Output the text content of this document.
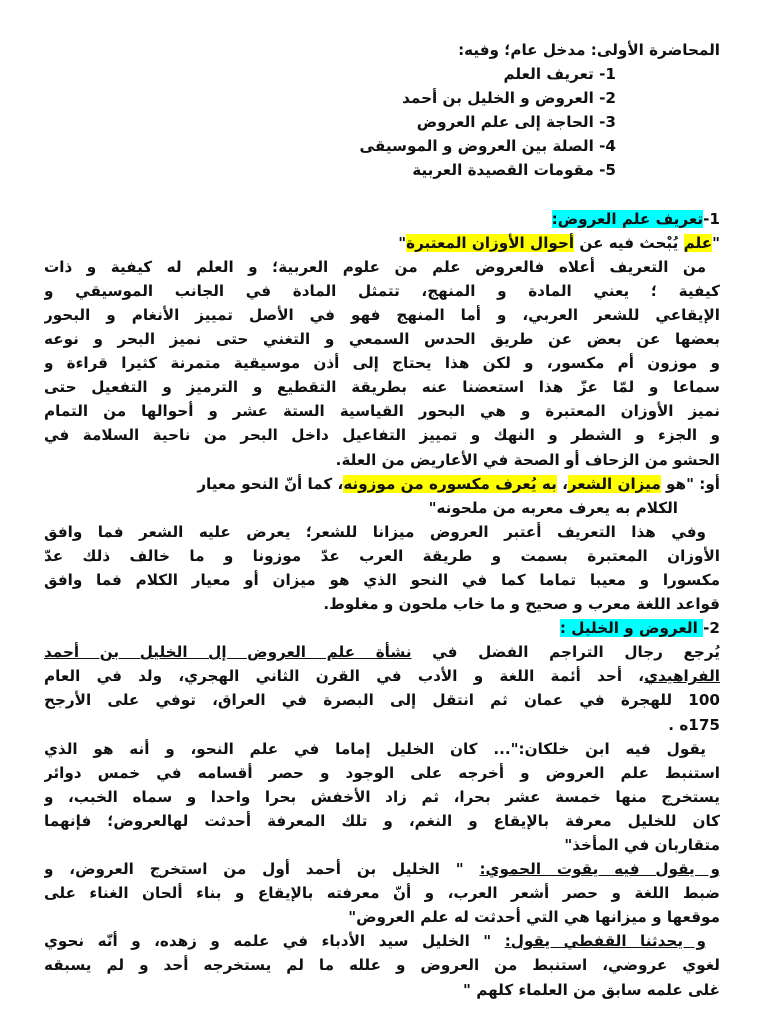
المحاضرة الأولى: مدخل عام؛ وفيه:
1- تعريف العلم
2- العروض و الخليل بن أحمد
3- الحاجة إلى علم العروض
4- الصلة بين العروض و الموسيقى
5- مقومات القصيدة العربية
1-تعريف علم العروض:
"علم يُبْحث فيه عن أحوال الأوزان المعتبرة"
من التعريف أعلاه فالعروض علم من علوم العربية؛ و العلم له كيفية و ذات
كيفية ؛ يعني المادة و المنهج، تتمثل المادة في الجانب الموسيقي و
الإيقاعي للشعر العربي، و أما المنهج فهو في الأصل تمييز الأنغام و البحور
بعضها عن بعض عن طريق الحدس السمعي و التغني حتى نميز البحر و نوعه
و موزون أم مكسور، و لكن هذا يحتاج إلى أذن موسيقية متمرنة كثيرا قراءة و
سماعا و لمّا عزّ هذا استعضنا عنه بطريقة التقطيع و الترميز و التفعيل حتى
نميز الأوزان المعتبرة و هي البحور القياسية الستة عشر و أحوالها من التمام
و الجزء و الشطر و النهك و تمييز التفاعيل داخل البحر من ناحية السلامة في
الحشو من الزحاف أو الصحة في الأعاريض من العلة.
أو: "هو ميزان الشعر، به يُعرف مكسوره من موزونه، كما أنّ النحو معيار
الكلام به يعرف معربه من ملحونه"
وفي هذا التعريف أعتبر العروض ميزانا للشعر؛ يعرض عليه الشعر فما وافق
الأوزان المعتبرة بسمت و طريقة العرب عدّ موزونا و ما خالف ذلك عدّ
مكسورا و معيبا تماما كما في النحو الذي هو ميزان أو معيار الكلام فما وافق
قواعد اللغة معرب و صحيح و ما خاب ملحون و مغلوط.
2- العروض و الخليل :
يُرجع رجال التراجم الفضل في نشأة علم العروض إل الخليل بن أحمد
الفراهيدي، أحد أئمة اللغة و الأدب في القرن الثاني الهجري، ولد في العام
100 للهجرة في عمان ثم انتقل إلى البصرة في العراق، توفي على الأرجح
175ه .
يقول فيه ابن خلكان:"... كان الخليل إماما في علم النحو، و أنه هو الذي
استنبط علم العروض و أخرجه على الوجود و حصر أقسامه في خمس دوائر
يستخرج منها خمسة عشر بحرا، ثم زاد الأخفش بحرا واحدا و سماه الخبب، و
كان للخليل معرفة بالإيقاع و النغم، و تلك المعرفة أحدثت لهالعروض؛ فإنهما
متقاربان في المأخذ"
و يقول فيه يقوت الحموي: " الخليل بن أحمد أول من استخرج العروض، و
ضبط اللغة و حصر أشعر العرب، و أنّ معرفته بالإيقاع و بناء ألحان الغناء على
موقعها و ميزانها هي التي أحدثت له علم العروض"
و يحدثنا القفطي يقول: " الخليل سيد الأدباء في علمه و زهده، و أنّه نحوي
لغوي عروضي، استنبط من العروض و علله ما لم يستخرجه أحد و لم يسبقه
غلى علمه سابق من العلماء كلهم "
